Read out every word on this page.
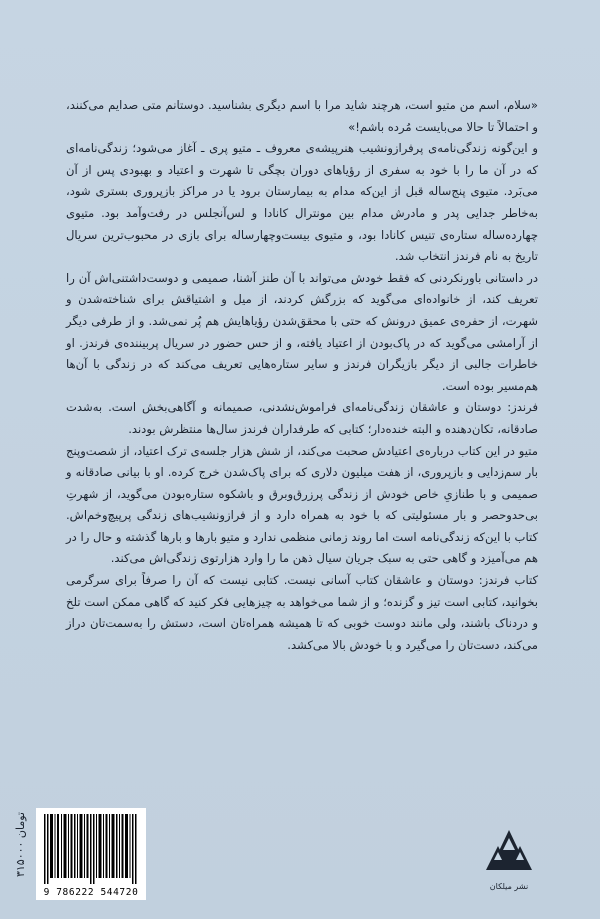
«سلام، اسم من متیو است، هرچند شاید مرا با اسم دیگری بشناسید. دوستانم متی صدایم می‌کنند، و احتمالاً تا حالا می‌بایست مُرده باشم!»

و این‌گونه زندگی‌نامه‌ی پرفرازونشیب هنرپیشه‌ی معروف ـ متیو پری ـ آغاز می‌شود؛ زندگی‌نامه‌ای که در آن ما را با خود به سفری از رؤیاهای دوران بچگی تا شهرت و اعتیاد و بهبودی پس از آن می‌بَرد. متیوی پنج‌ساله قبل از این‌که مدام به بیمارستان برود یا در مراکز بازپروری بستری شود، به‌خاطر جدایی پدر و مادرش مدام بین مونترال کانادا و لس‌آنجلس در رفت‌وآمد بود. متیوی چهارده‌ساله ستاره‌ی تنیس کانادا بود، و متیوی بیست‌وچهارساله برای بازی در محبوب‌ترین سریال تاریخ به نام فرندز انتخاب شد.

در داستانی باورنکردنی که فقط خودش می‌تواند با آن طنز آشنا، صمیمی و دوست‌داشتنی‌اش آن را تعریف کند، از خانواده‌ای می‌گوید که بزرگش کردند، از میل و اشتیاقش برای شناخته‌شدن و شهرت، از حفره‌ی عمیق درونش که حتی با محقق‌شدن رؤیاهایش هم پُر نمی‌شد. و از طرفی دیگر از آرامشی می‌گوید که در پاک‌بودن از اعتیاد یافته، و از حس حضور در سریال پربیننده‌ی فرندز. او خاطرات جالبی از دیگر بازیگران فرندز و سایر ستاره‌هایی تعریف می‌کند که در زندگی با آن‌ها هم‌مسیر بوده است.

فرندز: دوستان و عاشقان زندگی‌نامه‌ای فراموش‌نشدنی، صمیمانه و آگاهی‌بخش است. به‌شدت صادقانه، تکان‌دهنده و البته خنده‌دار؛ کتابی که طرفداران فرندز سال‌ها منتظرش بودند.

متیو در این کتاب درباره‌ی اعتیادش صحبت می‌کند، از شش هزار جلسه‌ی ترک اعتیاد، از شصت‌وپنج بار سم‌زدایی و بازپروری، از هفت میلیون دلاری که برای پاک‌شدن خرج کرده. او با بیانی صادقانه و صمیمی و با طنازیِ خاص خودش از زندگی پرزرق‌وبرق و باشکوه ستاره‌بودن می‌گوید، از شهرتِ بی‌حدوحصر و بار مسئولیتی که با خود به همراه دارد و از فرازونشیب‌های زندگی پرپیچ‌وخم‌اش. کتاب با این‌که زندگی‌نامه است اما روند زمانی منظمی ندارد و متیو بارها و بارها گذشته و حال را در هم می‌آمیزد و گاهی حتی به سبک جریان سیال ذهن ما را وارد هزارتوی زندگی‌اش می‌کند.

کتاب فرندز: دوستان و عاشقان کتاب آسانی نیست. کتابی نیست که آن را صرفاً برای سرگرمی بخوانید، کتابی است تیز و گزنده؛ و از شما می‌خواهد به چیزهایی فکر کنید که گاهی ممکن است تلخ و دردناک باشند، ولی مانند دوست خوبی که تا همیشه همراه‌تان است، دستش را به‌سمت‌تان دراز می‌کند، دست‌تان را می‌گیرد و با خودش بالا می‌کشد.

۳۱۵۰۰۰ تومان
9 786222 544720
نشر میلکان
